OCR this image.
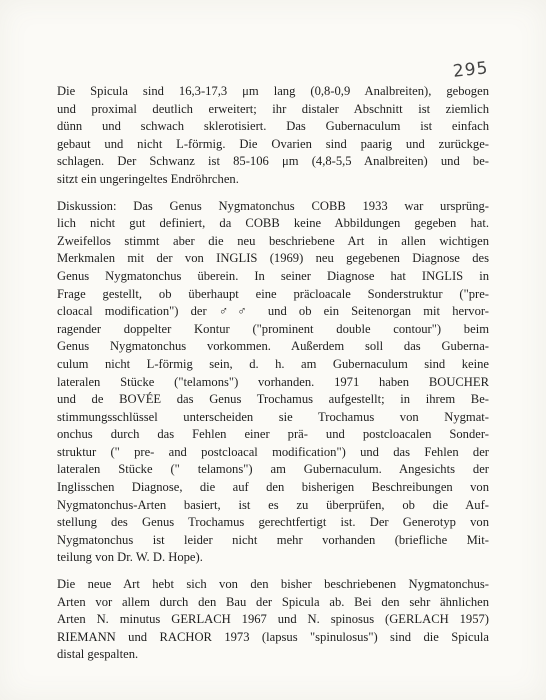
295

Die Spicula sind 16,3-17,3 μm lang (0,8-0,9 Analbreiten), gebogen
und proximal deutlich erweitert; ihr distaler Abschnitt ist ziemlich
dünn und schwach sklerotisiert. Das Gubernaculum ist einfach
gebaut und nicht L-förmig. Die Ovarien sind paarig und zurückge-
schlagen. Der Schwanz ist 85-106 μm (4,8-5,5 Analbreiten) und be-
sitzt ein ungeringeltes Endröhrchen.

Diskussion: Das Genus Nygmatonchus COBB 1933 war ursprüng-
lich nicht gut definiert, da COBB keine Abbildungen gegeben hat.
Zweifellos stimmt aber die neu beschriebene Art in allen wichtigen
Merkmalen mit der von INGLIS (1969) neu gegebenen Diagnose des
Genus Nygmatonchus überein. In seiner Diagnose hat INGLIS in
Frage gestellt, ob überhaupt eine präcloacale Sonderstruktur ("pre-
cloacal modification") der ♂♂ und ob ein Seitenorgan mit hervor-
ragender doppelter Kontur ("prominent double contour") beim
Genus Nygmatonchus vorkommen. Außerdem soll das Guberna-
culum nicht L-förmig sein, d. h. am Gubernaculum sind keine
lateralen Stücke ("telamons") vorhanden. 1971 haben BOUCHER
und de BOVÉE das Genus Trochamus aufgestellt; in ihrem Be-
stimmungsschlüssel unterscheiden sie Trochamus von Nygmat-
onchus durch das Fehlen einer prä- und postcloacalen Sonder-
struktur (" pre- and postcloacal modification") und das Fehlen der
lateralen Stücke (" telamons") am Gubernaculum. Angesichts der
Inglisschen Diagnose, die auf den bisherigen Beschreibungen von
Nygmatonchus-Arten basiert, ist es zu überprüfen, ob die Auf-
stellung des Genus Trochamus gerechtfertigt ist. Der Generotyp von
Nygmatonchus ist leider nicht mehr vorhanden (briefliche Mit-
teilung von Dr. W. D. Hope).

Die neue Art hebt sich von den bisher beschriebenen Nygmatonchus-
Arten vor allem durch den Bau der Spicula ab. Bei den sehr ähnlichen
Arten N. minutus GERLACH 1967 und N. spinosus (GERLACH 1957)
RIEMANN und RACHOR 1973 (lapsus "spinulosus") sind die Spicula
distal gespalten.
